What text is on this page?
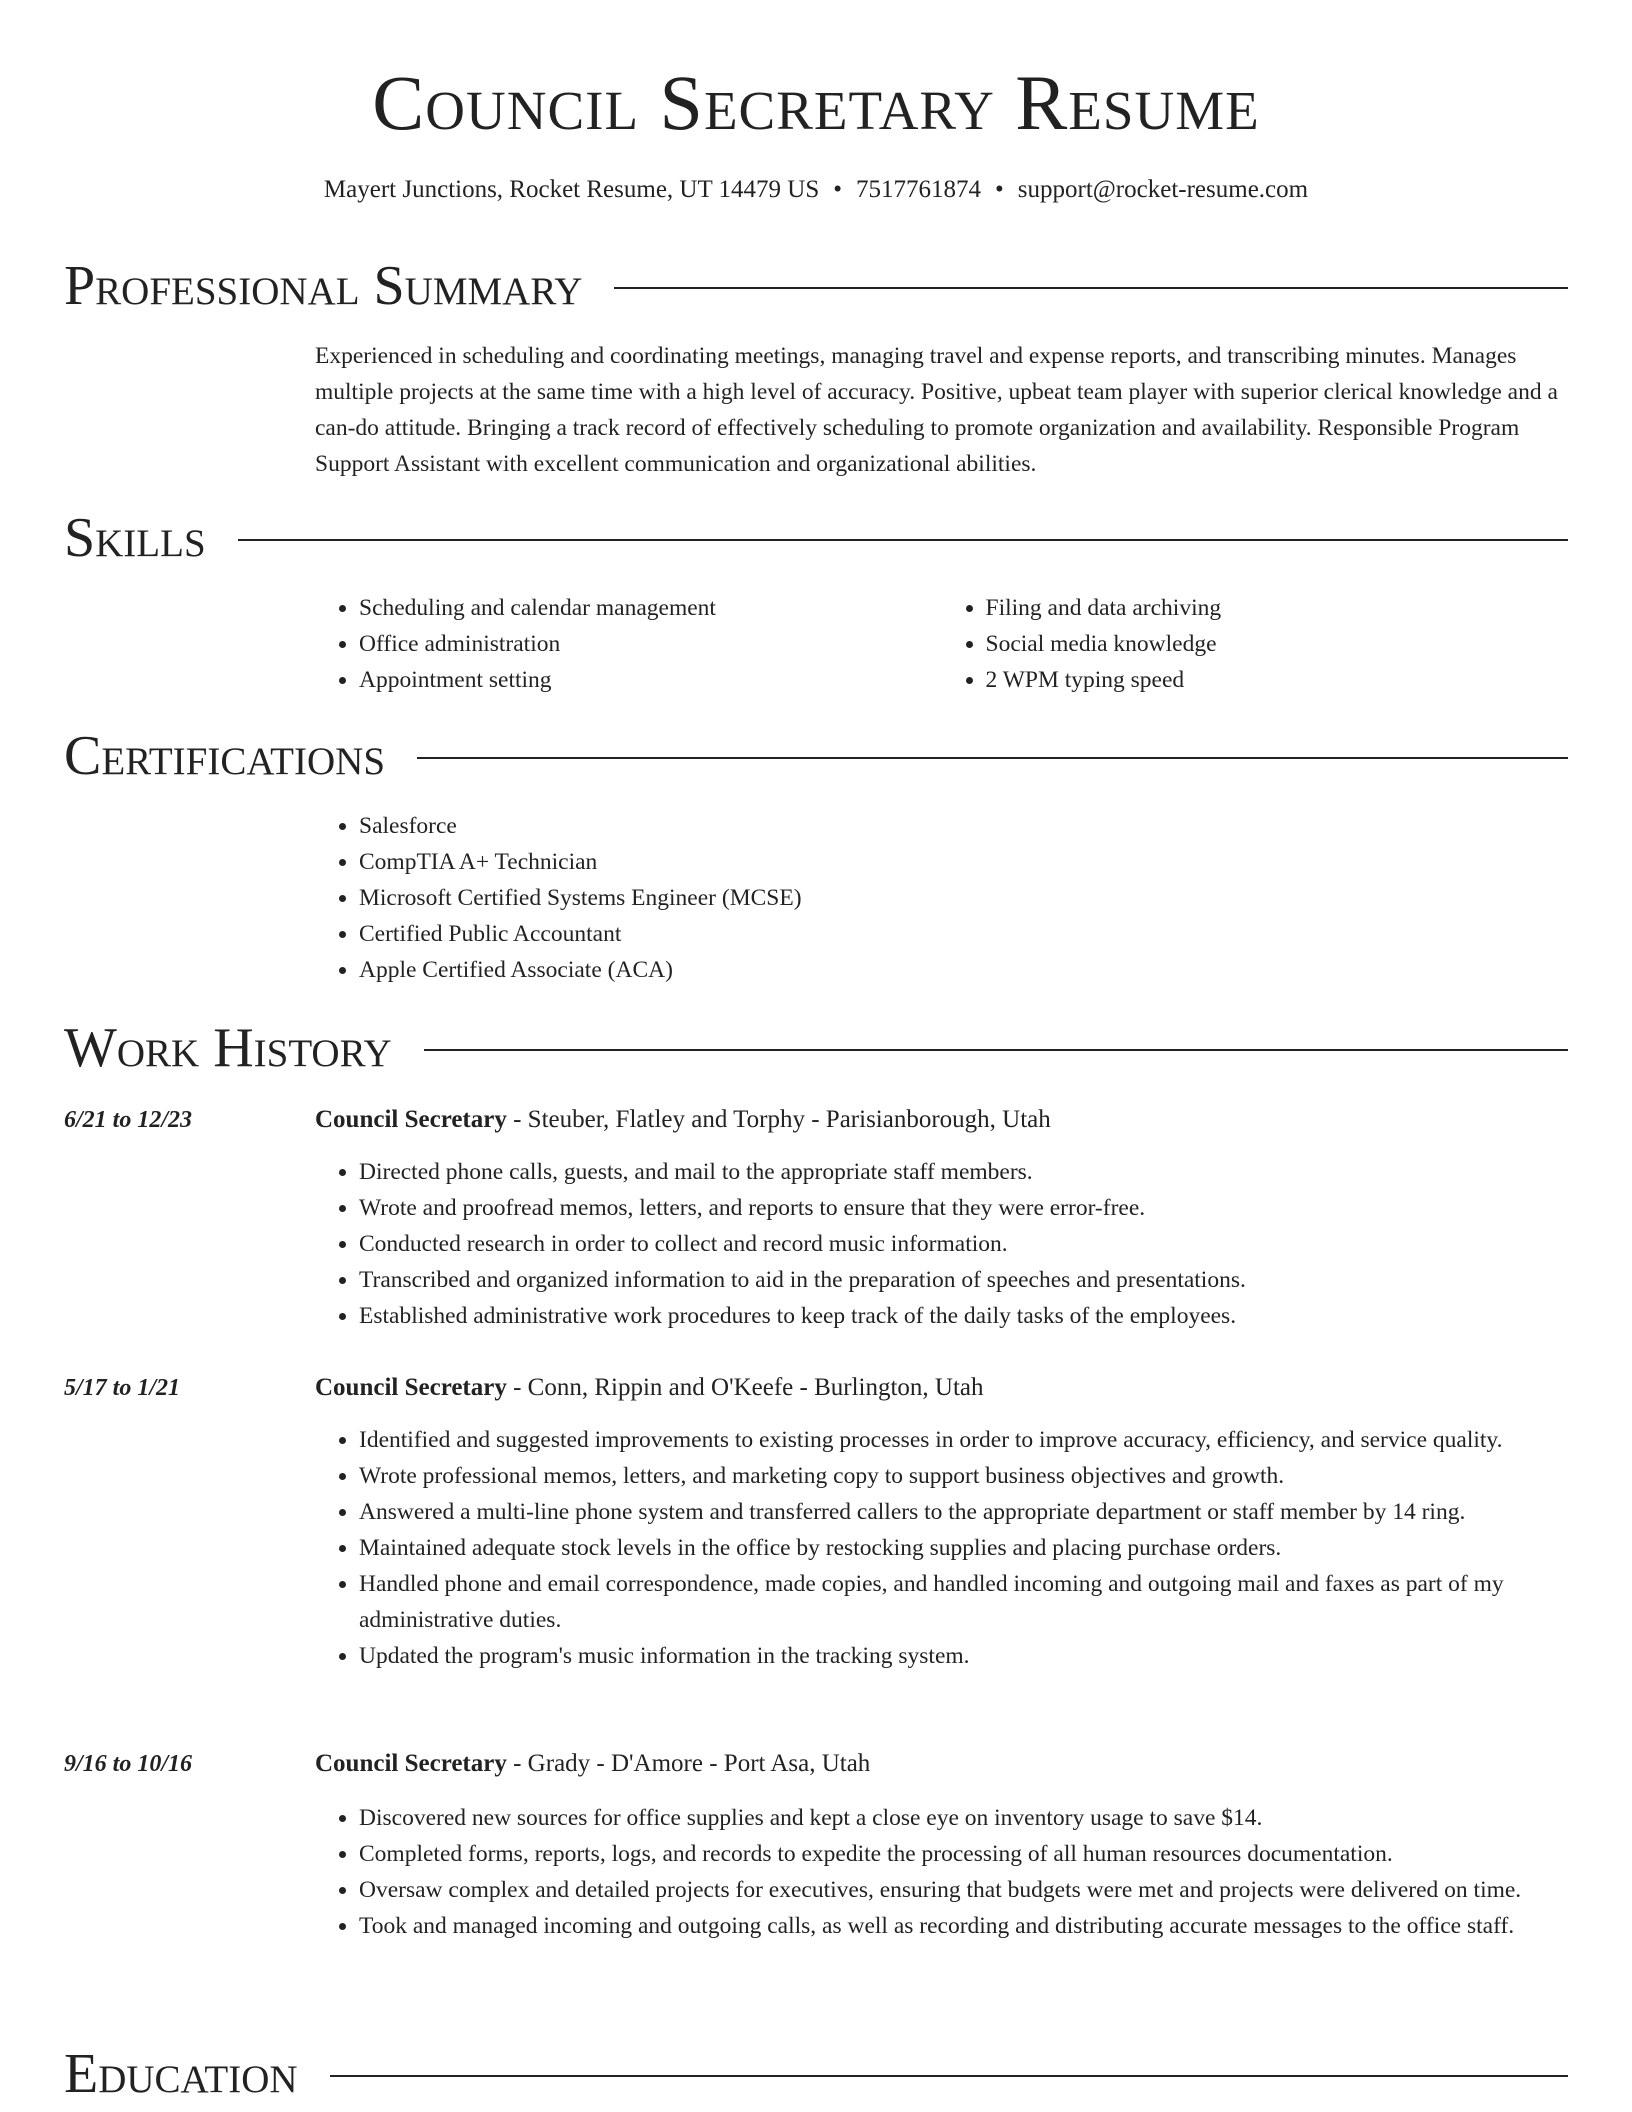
Council Secretary Resume
Mayert Junctions, Rocket Resume, UT 14479 US • 7517761874 • support@rocket-resume.com
Professional Summary
Experienced in scheduling and coordinating meetings, managing travel and expense reports, and transcribing minutes. Manages multiple projects at the same time with a high level of accuracy. Positive, upbeat team player with superior clerical knowledge and a can-do attitude. Bringing a track record of effectively scheduling to promote organization and availability. Responsible Program Support Assistant with excellent communication and organizational abilities.
Skills
• Scheduling and calendar management
• Office administration
• Appointment setting
• Filing and data archiving
• Social media knowledge
• 2 WPM typing speed
Certifications
• Salesforce
• CompTIA A+ Technician
• Microsoft Certified Systems Engineer (MCSE)
• Certified Public Accountant
• Apple Certified Associate (ACA)
Work History
6/21 to 12/23	Council Secretary - Steuber, Flatley and Torphy - Parisianborough, Utah
• Directed phone calls, guests, and mail to the appropriate staff members.
• Wrote and proofread memos, letters, and reports to ensure that they were error-free.
• Conducted research in order to collect and record music information.
• Transcribed and organized information to aid in the preparation of speeches and presentations.
• Established administrative work procedures to keep track of the daily tasks of the employees.
5/17 to 1/21	Council Secretary - Conn, Rippin and O'Keefe - Burlington, Utah
• Identified and suggested improvements to existing processes in order to improve accuracy, efficiency, and service quality.
• Wrote professional memos, letters, and marketing copy to support business objectives and growth.
• Answered a multi-line phone system and transferred callers to the appropriate department or staff member by 14 ring.
• Maintained adequate stock levels in the office by restocking supplies and placing purchase orders.
• Handled phone and email correspondence, made copies, and handled incoming and outgoing mail and faxes as part of my administrative duties.
• Updated the program's music information in the tracking system.
9/16 to 10/16	Council Secretary - Grady - D'Amore - Port Asa, Utah
• Discovered new sources for office supplies and kept a close eye on inventory usage to save $14.
• Completed forms, reports, logs, and records to expedite the processing of all human resources documentation.
• Oversaw complex and detailed projects for executives, ensuring that budgets were met and projects were delivered on time.
• Took and managed incoming and outgoing calls, as well as recording and distributing accurate messages to the office staff.
Education
